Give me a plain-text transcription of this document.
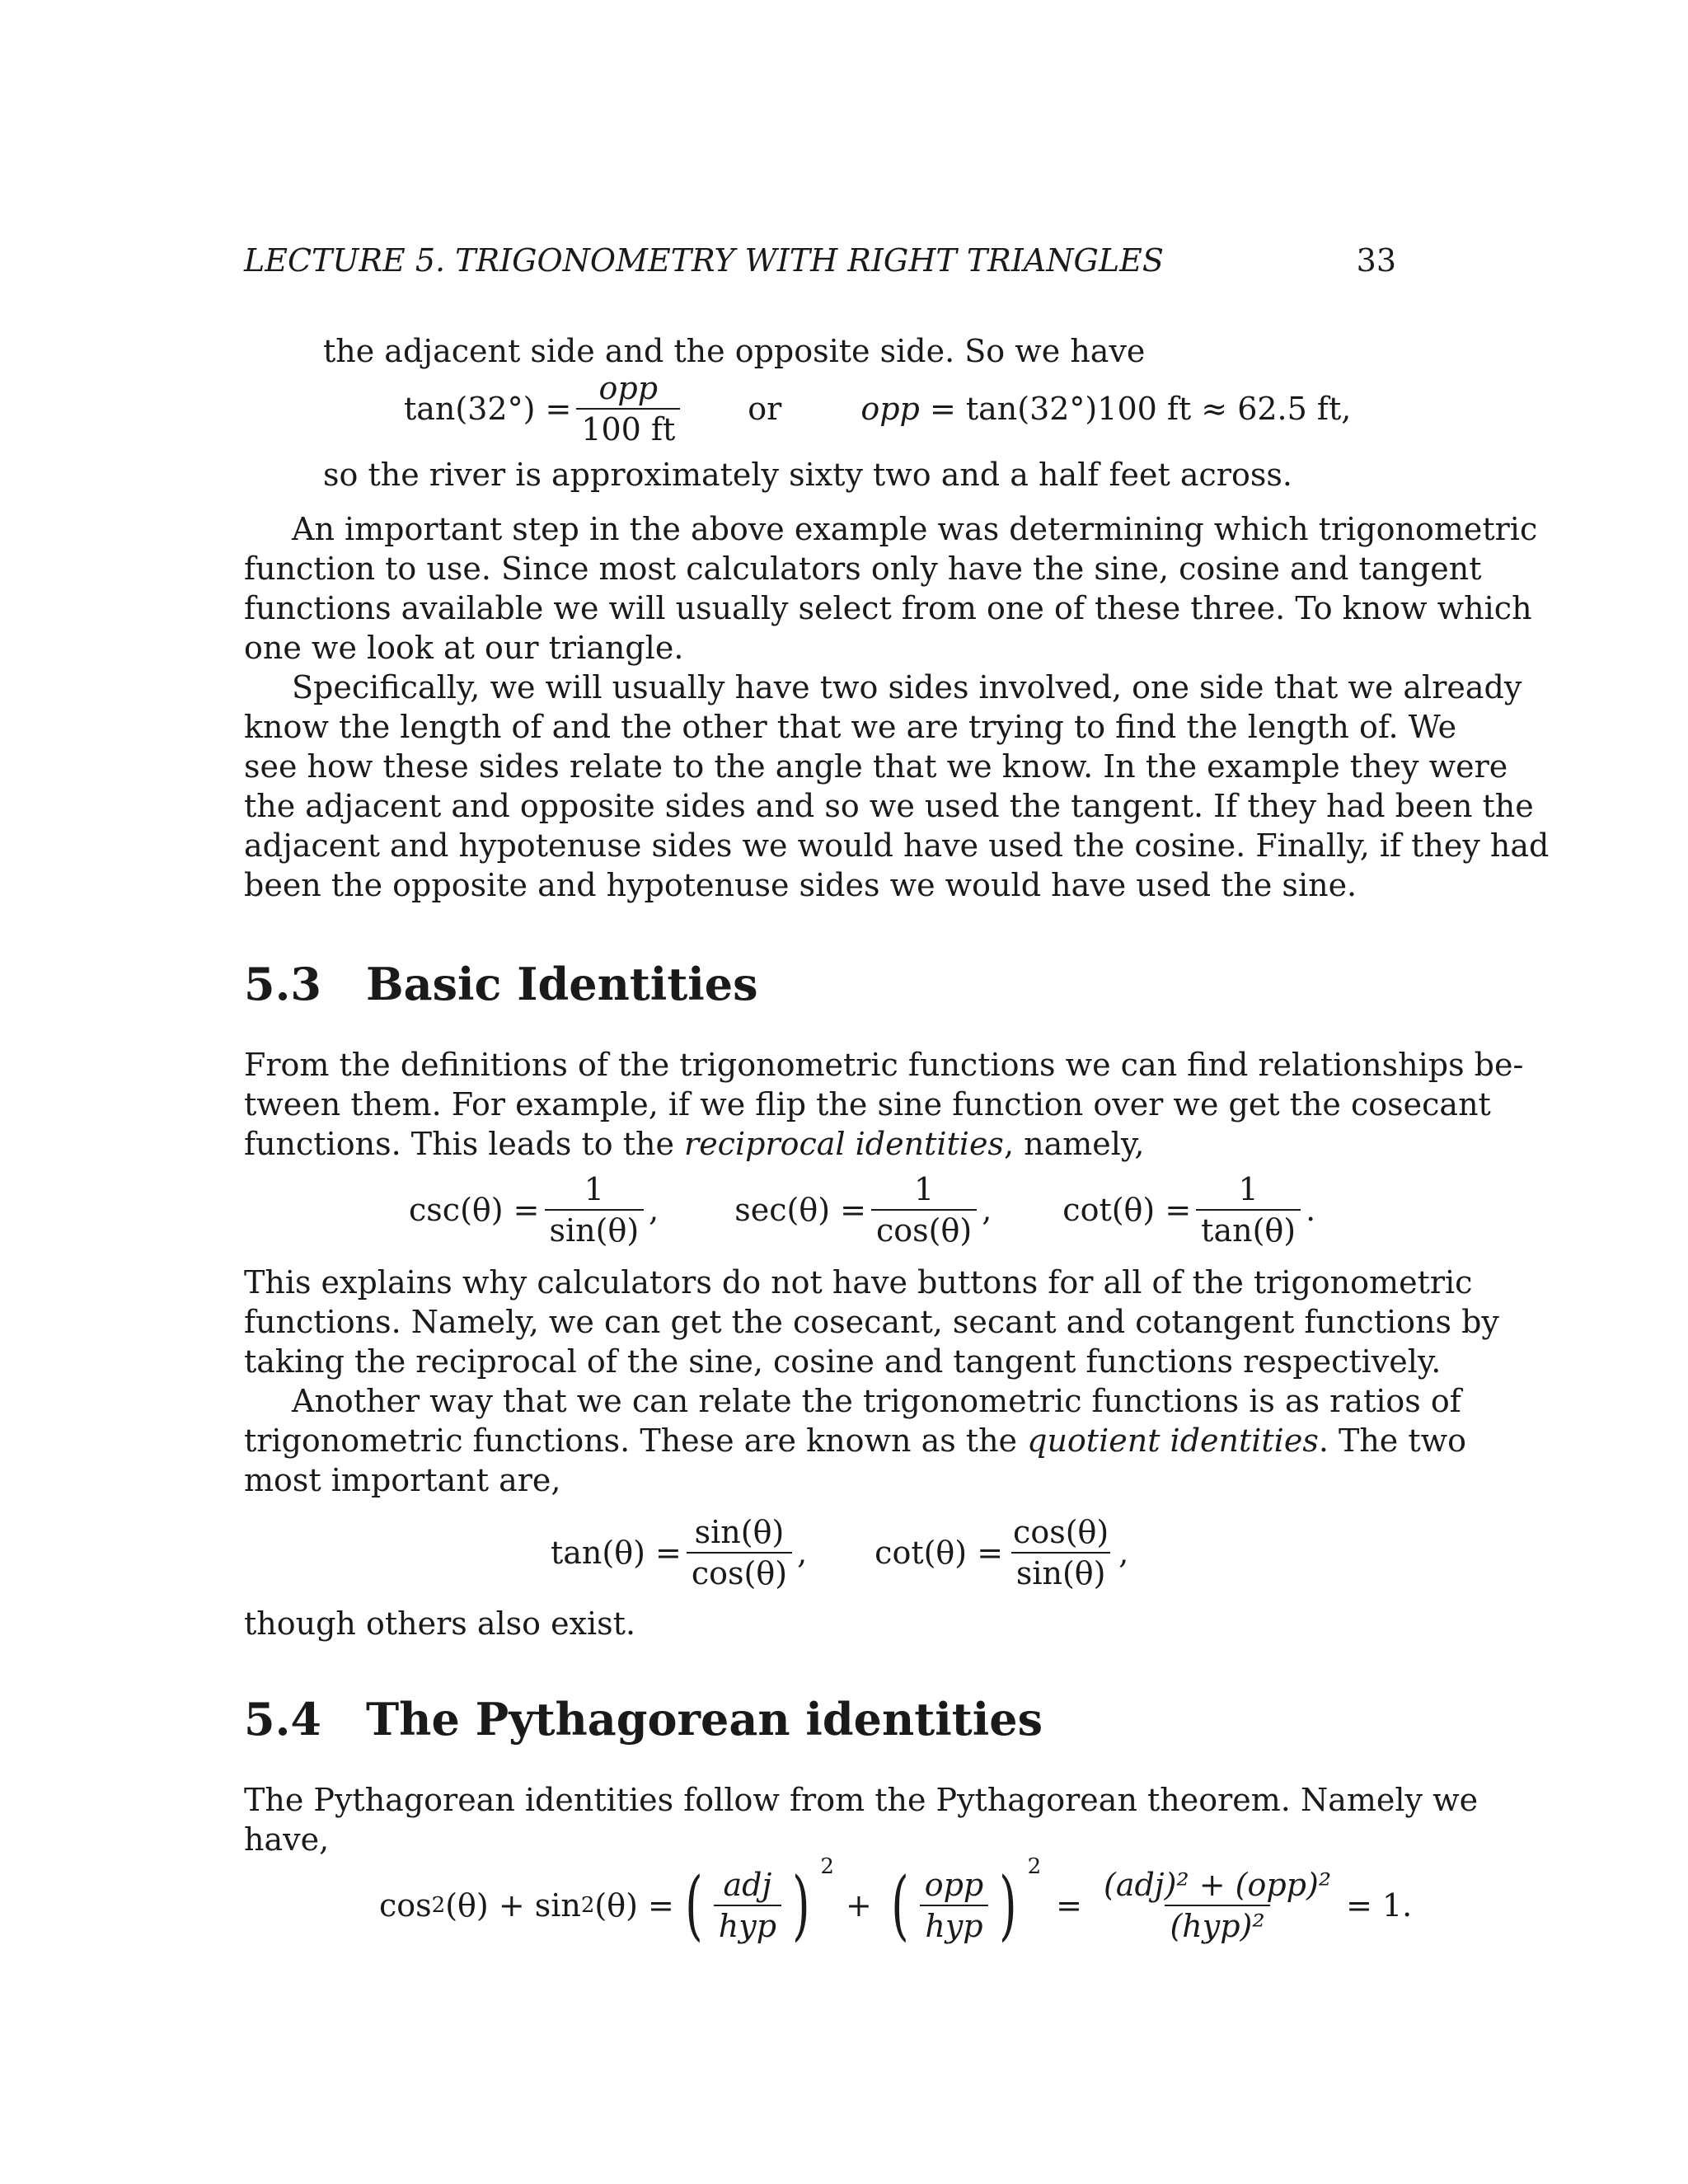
LECTURE 5. TRIGONOMETRY WITH RIGHT TRIANGLES	33
the adjacent side and the opposite side. So we have
$\tan(32^\circ) = \frac{\text{opp}}{100 ft}$ or	opp = tan(32°)100 ft ≈ 62.5 ft,
so the river is approximately sixty two and a half feet across.
An important step in the above example was determining which trigonometric
function to use. Since most calculators only have the sine, cosine and tangent
functions available we will usually select from one of these three. To know which
one we look at our triangle.
Specifically, we will usually have two sides involved, one side that we already
know the length of and the other that we are trying to find the length of. We
see how these sides relate to the angle that we know. In the example they were
the adjacent and opposite sides and so we used the tangent. If they had been the
adjacent and hypotenuse sides we would have used the cosine. Finally, if they had
been the opposite and hypotenuse sides we would have used the sine.
5.3 Basic Identities
From the definitions of the trigonometric functions we can find relationships be-
tween them. For example, if we flip the sine function over we get the cosecant
functions. This leads to the reciprocal identities, namely,
$\csc(\theta) = \frac{1}{\sin(\theta)}$ , $\sec(\theta) = \frac{1}{\cos(\theta)}$ , $\cot(\theta) = \frac{1}{\tan(\theta)}$ .
This explains why calculators do not have buttons for all of the trigonometric
functions. Namely, we can get the cosecant, secant and cotangent functions by
taking the reciprocal of the sine, cosine and tangent functions respectively.
Another way that we can relate the trigonometric functions is as ratios of
trigonometric functions. These are known as the quotient identities. The two
most important are,
$\tan(\theta) = \frac{\sin(\theta)}{\cos(\theta)}$ , $\cot(\theta) = \frac{\cos(\theta)}{\sin(\theta)}$ ,
though others also exist.
5.4 The Pythagorean identities
The Pythagorean identities follow from the Pythagorean theorem. Namely we
have,
cos 2 (θ) + sin 2 (θ) = ( $\frac{\text{adj}}{\text{hyp}}$ ) 2
+ ( $\frac{\text{opp}}{\text{hyp}}$ ) 2
= $\frac{\text{(adj)² + (opp)²}}{\text{(hyp)²}} = 1$.
